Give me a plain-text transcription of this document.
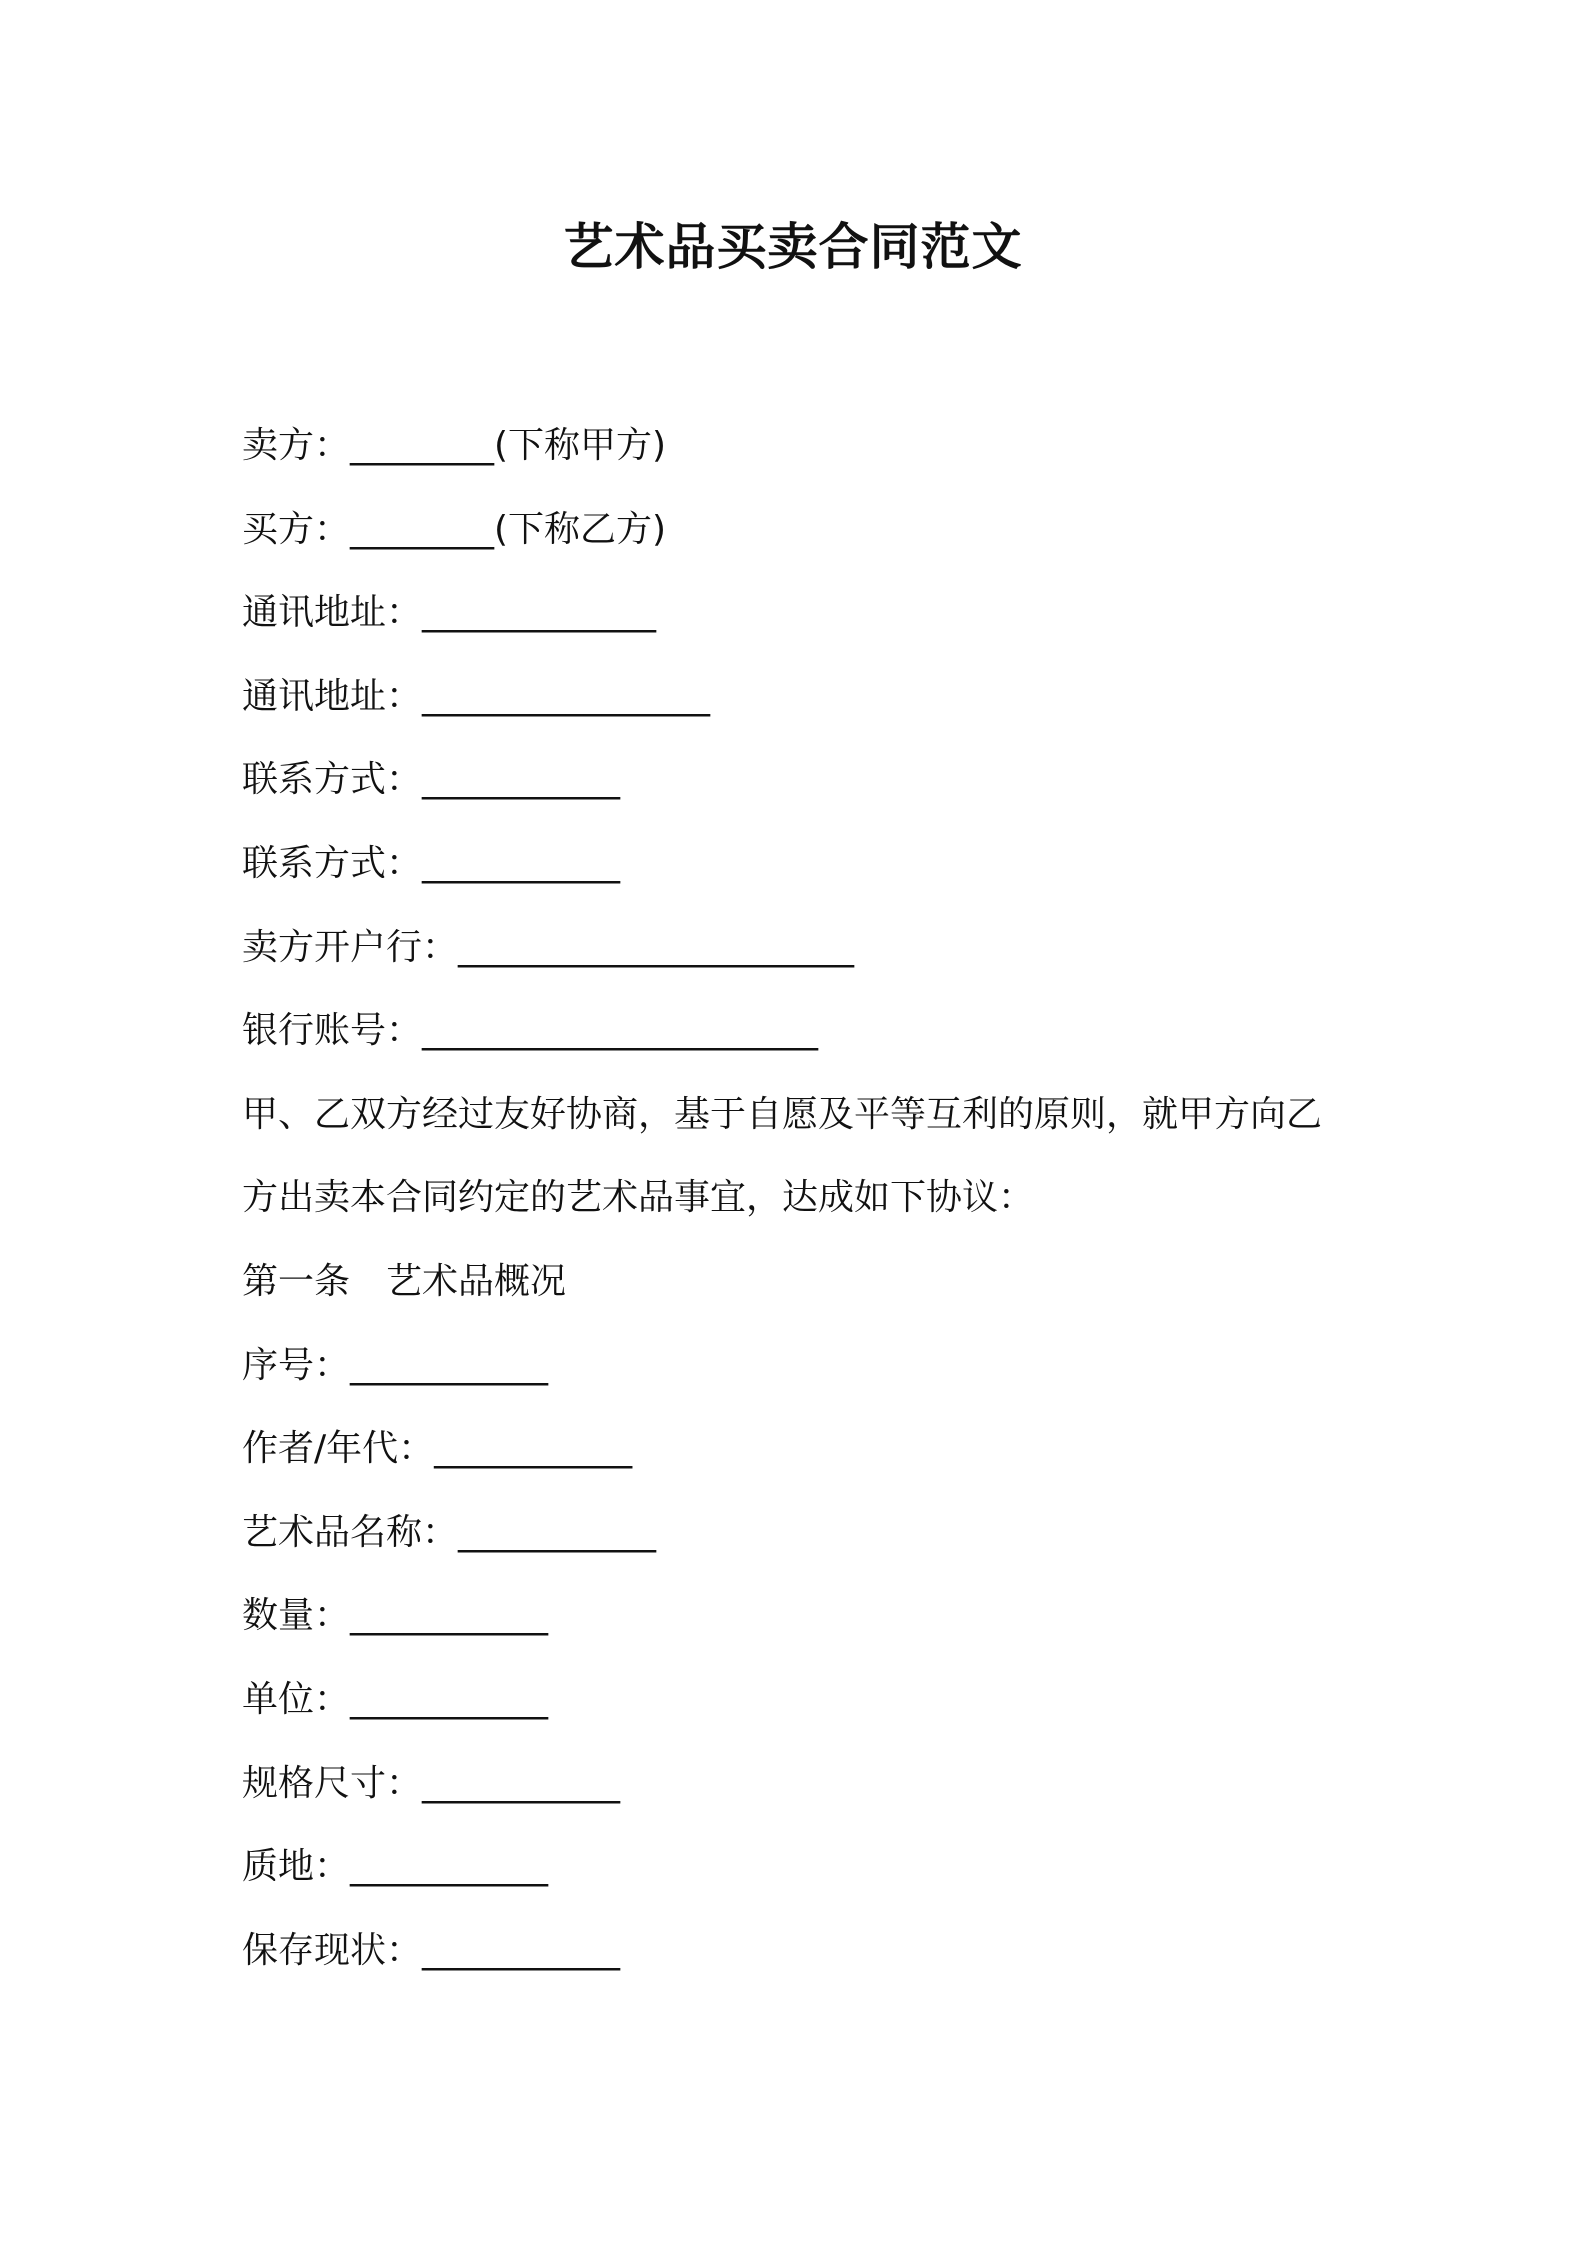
艺术品买卖合同范文
卖方：________(下称甲方)
买方：________(下称乙方)
通讯地址：_____________
通讯地址：________________
联系方式：___________
联系方式：___________
卖方开户行：______________________
银行账号：______________________
甲、乙双方经过友好协商，基于自愿及平等互利的原则，就甲方向乙
方出卖本合同约定的艺术品事宜，达成如下协议：
第一条　艺术品概况
序号：___________
作者/年代：___________
艺术品名称：___________
数量：___________
单位：___________
规格尺寸：___________
质地：___________
保存现状：___________
